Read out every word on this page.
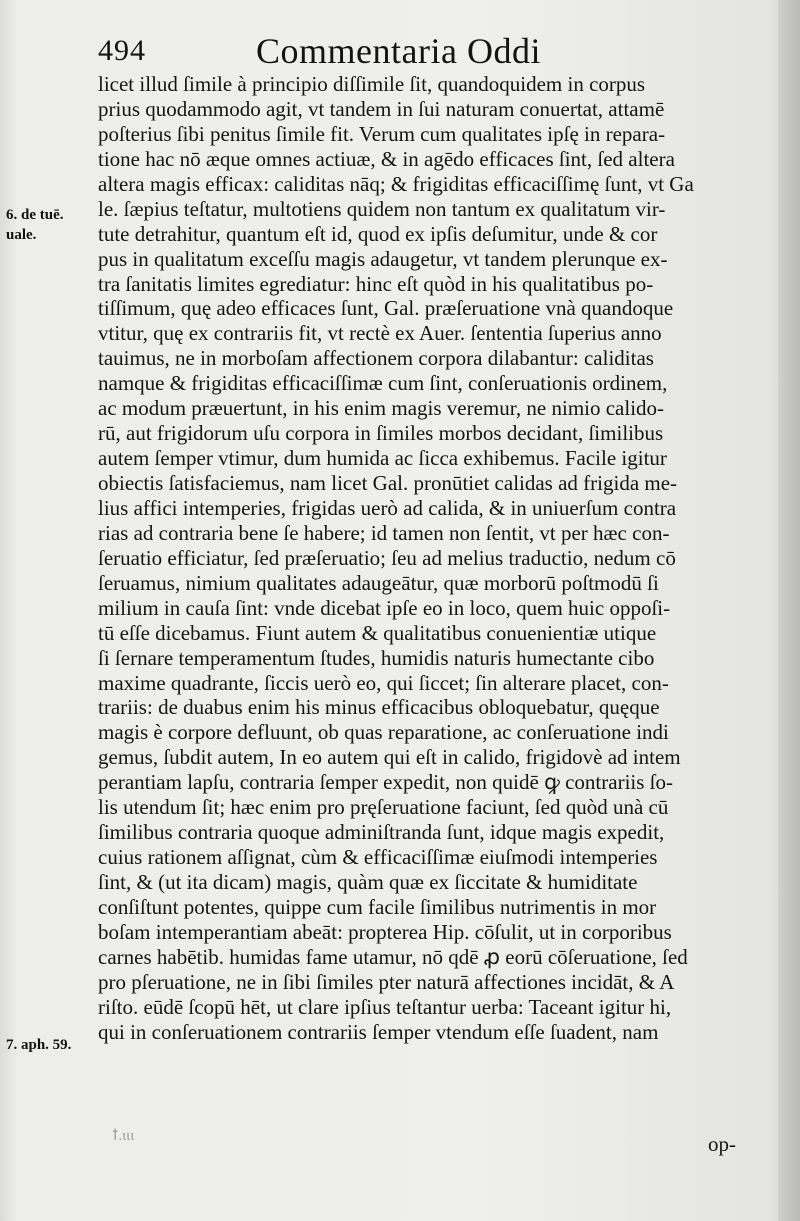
494	Commentaria Oddi
licet illud ſimile à principio diſſimile ſit, quandoquidem in corpus
prius quodammodo agit, vt tandem in ſui naturam conuertat, attamē
poſterius ſibi penitus ſimile fit. Verum cum qualitates ipſę in repara-
tione hac nō æque omnes actiuæ, & in agēdo efficaces ſint, ſed altera
altera magis efficax: caliditas nāq; & frigiditas efficaciſſimę ſunt, vt Ga
le. ſæpius teſtatur, multotiens quidem non tantum ex qualitatum vir-
tute detrahitur, quantum eſt id, quod ex ipſis deſumitur, unde & cor
pus in qualitatum exceſſu magis adaugetur, vt tandem plerunque ex-
tra ſanitatis limites egrediatur: hinc eſt quòd in his qualitatibus po-
tiſſimum, quę adeo efficaces ſunt, Gal. præſeruatione vnà quandoque
vtitur, quę ex contrariis fit, vt rectè ex Auer. ſententia ſuperius anno
tauimus, ne in morboſam affectionem corpora dilabantur: caliditas
namque & frigiditas efficaciſſimæ cum ſint, conſeruationis ordinem,
ac modum præuertunt, in his enim magis veremur, ne nimio calido-
rū, aut frigidorum uſu corpora in ſimiles morbos decidant, ſimilibus
autem ſemper vtimur, dum humida ac ſicca exhibemus. Facile igitur
obiectis ſatisfaciemus, nam licet Gal. pronūtiet calidas ad frigida me-
lius affici intemperies, frigidas uerò ad calida, & in uniuerſum contra
rias ad contraria bene ſe habere; id tamen non ſentit, vt per hæc con-
ſeruatio efficiatur, ſed præſeruatio; ſeu ad melius traductio, nedum cō
ſeruamus, nimium qualitates adaugeātur, quæ morborū poſtmodū ſi
milium in cauſa ſint: vnde dicebat ipſe eo in loco, quem huic oppoſi-
tū eſſe dicebamus. Fiunt autem & qualitatibus conuenientiæ utique
ſi ſernare temperamentum ſtudes, humidis naturis humectante cibo
maxime quadrante, ſiccis uerò eo, qui ſiccet; ſin alterare placet, con-
trariis: de duabus enim his minus efficacibus obloquebatur, quęque
magis è corpore defluunt, ob quas reparatione, ac conſeruatione indi
gemus, ſubdit autem, In eo autem qui eſt in calido, frigidovè ad intem
perantiam lapſu, contraria ſemper expedit, non quidē ꝙ contrariis ſo-
lis utendum ſit; hæc enim pro pręſeruatione faciunt, ſed quòd unà cū
ſimilibus contraria quoque adminiſtranda ſunt, idque magis expedit,
cuius rationem aſſignat, cùm & efficaciſſimæ eiuſmodi intemperies
ſint, & (ut ita dicam) magis, quàm quæ ex ſiccitate & humiditate
conſiſtunt potentes, quippe cum facile ſimilibus nutrimentis in mor
boſam intemperantiam abeāt: propterea Hip. cōſulit, ut in corporibus
carnes habētib. humidas fame utamur, nō qdē ꝓ eorū cōſeruatione, ſed
pro pſeruatione, ne in ſibi ſimiles pter naturā affectiones incidāt, & A
riſto. eūdē ſcopū hēt, ut clare ipſius teſtantur uerba: Taceant igitur hi,
qui in conſeruationem contrariis ſemper vtendum eſſe ſuadent, nam
6. de tuē.
uale.
7. aph. 59.
ꝉ.ιιι	op-
